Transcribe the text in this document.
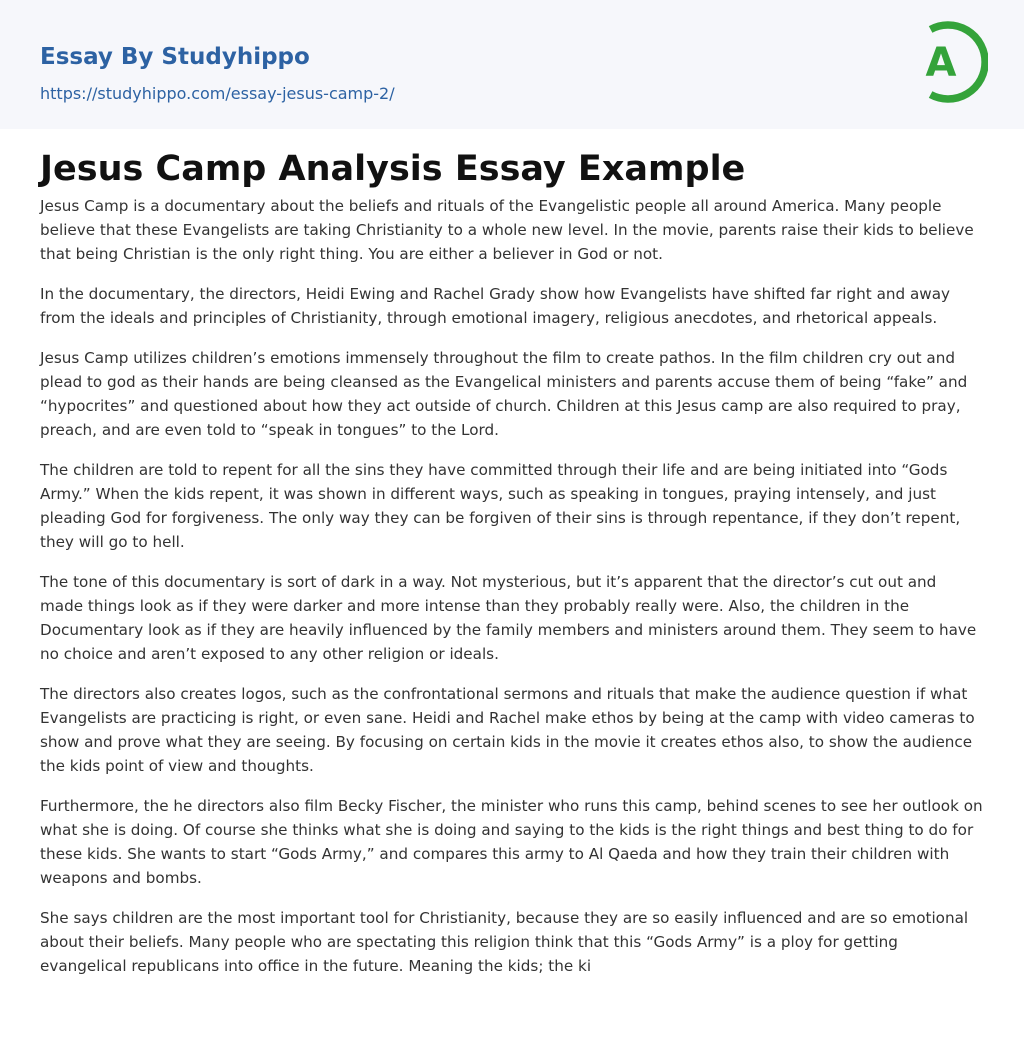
Essay By Studyhippo
https://studyhippo.com/essay-jesus-camp-2/
A
Jesus Camp Analysis Essay Example

Jesus Camp is a documentary about the beliefs and rituals of the Evangelistic people all around America. Many people believe that these Evangelists are taking Christianity to a whole new level. In the movie, parents raise their kids to believe that being Christian is the only right thing. You are either a believer in God or not.

In the documentary, the directors, Heidi Ewing and Rachel Grady show how Evangelists have shifted far right and away from the ideals and principles of Christianity, through emotional imagery, religious anecdotes, and rhetorical appeals.

Jesus Camp utilizes children’s emotions immensely throughout the film to create pathos. In the film children cry out and plead to god as their hands are being cleansed as the Evangelical ministers and parents accuse them of being “fake” and “hypocrites” and questioned about how they act outside of church. Children at this Jesus camp are also required to pray, preach, and are even told to “speak in tongues” to the Lord.

The children are told to repent for all the sins they have committed through their life and are being initiated into “Gods Army.” When the kids repent, it was shown in different ways, such as speaking in tongues, praying intensely, and just pleading God for forgiveness. The only way they can be forgiven of their sins is through repentance, if they don’t repent, they will go to hell.

The tone of this documentary is sort of dark in a way. Not mysterious, but it’s apparent that the director’s cut out and made things look as if they were darker and more intense than they probably really were. Also, the children in the Documentary look as if they are heavily influenced by the family members and ministers around them. They seem to have no choice and aren’t exposed to any other religion or ideals.

The directors also creates logos, such as the confrontational sermons and rituals that make the audience question if what Evangelists are practicing is right, or even sane. Heidi and Rachel make ethos by being at the camp with video cameras to show and prove what they are seeing. By focusing on certain kids in the movie it creates ethos also, to show the audience the kids point of view and thoughts.

Furthermore, the he directors also film Becky Fischer, the minister who runs this camp, behind scenes to see her outlook on what she is doing. Of course she thinks what she is doing and saying to the kids is the right things and best thing to do for these kids. She wants to start “Gods Army,” and compares this army to Al Qaeda and how they train their children with weapons and bombs.

She says children are the most important tool for Christianity, because they are so easily influenced and are so emotional about their beliefs. Many people who are spectating this religion think that this “Gods Army” is a ploy for getting evangelical republicans into office in the future. Meaning the kids; the ki
